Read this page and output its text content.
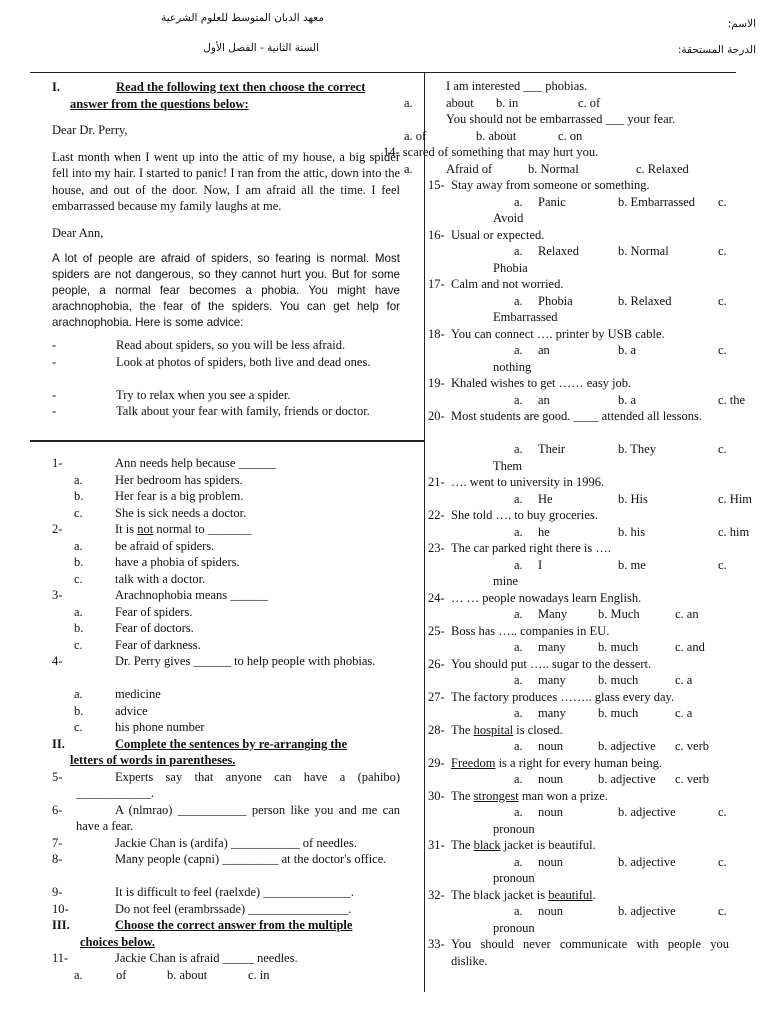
معهد الدبان المتوسط للعلوم الشرعية
السنة الثانية - الفصل الأول
الاسم:
الدرجة المستحقة:
I.	Read the following text then choose the correct
answer from the questions below:

Dear Dr. Perry,

Last month when I went up into the attic of my house, a big spider fell into my hair. I started to panic! I ran from the attic, down into the house, and out of the door. Now, I am afraid all the time. I feel embarrassed because my family laughs at me.

Dear Ann,

A lot of people are afraid of spiders, so fearing is normal. Most spiders are not dangerous, so they cannot hurt you. But for some people, a normal fear becomes a phobia. You might have arachnophobia, the fear of the spiders. You can get help for arachnophobia. Here is some advice:

-	Read about spiders, so you will be less afraid.
-	Look at photos of spiders, both live and dead ones.
-	Try to relax when you see a spider.
-	Talk about your fear with family, friends or doctor.
1-	Ann needs help because ______
a.	Her bedroom has spiders.
b.	Her fear is a big problem.
c.	She is sick needs a doctor.
2-	It is not normal to _______
a.	be afraid of spiders.
b.	have a phobia of spiders.
c.	talk with a doctor.
3-	Arachnophobia means ______
a.	Fear of spiders.
b.	Fear of doctors.
c.	Fear of darkness.
4-	Dr. Perry gives ______ to help people with phobias.
a.	medicine
b.	advice
c.	his phone number
II.	Complete the sentences by re-arranging the
letters of words in parentheses.
5-	Experts say that anyone can have a (pahibo) ____________.
6-	A (nlmrao) ___________ person like you and me can have a fear.
7-	Jackie Chan is (ardifa) ___________ of needles.
8-	Many people (capni) _________ at the doctor's office.
9-	It is difficult to feel (raelxde) ______________.
10-	Do not feel (erambrssade) ________________.
III.	Choose the correct answer from the multiple
choices below.
11-	Jackie Chan is afraid _____ needles.
a.	of	b. about	c. in
I am interested ___ phobias.
a.	about b. in	c. of
You should not be embarrassed ___ your fear.
a. of	b. about	c. on
14- scared of something that may hurt you.
a.	Afraid of	b. Normal	c. Relaxed
15- Stay away from someone or something.
a. Panic	b. Embarrassed c.
Avoid
16- Usual or expected.
a. Relaxed	b. Normal	c.
Phobia
17- Calm and not worried.
a. Phobia	b. Relaxed	c.
Embarrassed
18- You can connect …. printer by USB cable.
a. an	b. a	c.
nothing
19- Khaled wishes to get …… easy job.
a. an	b. a	c. the
20- Most students are good. ____ attended all lessons.
a. Their	b. They	c.
Them
21- …. went to university in 1996.
a. He	b. His	c. Him
22- She told …. to buy groceries.
a. he	b. his	c. him
23- The car parked right there is ….
a. I	b. me	c.
mine
24- … … people nowadays learn English.
a. Many b. Much	c. an
25- Boss has ….. companies in EU.
a. many	b. much	c. and
26- You should put ….. sugar to the dessert.
a. many	b. much	c. a
27- The factory produces …….. glass every day.
a. many	b. much	c. a
28- The hospital is closed.
a. noun	b. adjective c. verb
29- Freedom is a right for every human being.
a. noun	b. adjective c. verb
30- The strongest man won a prize.
a. noun	b. adjective	c.
pronoun
31- The black jacket is beautiful.
a. noun	b. adjective	c.
pronoun
32- The black jacket is beautiful.
a. noun	b. adjective	c.
pronoun
33- You should never communicate with people you dislike.
